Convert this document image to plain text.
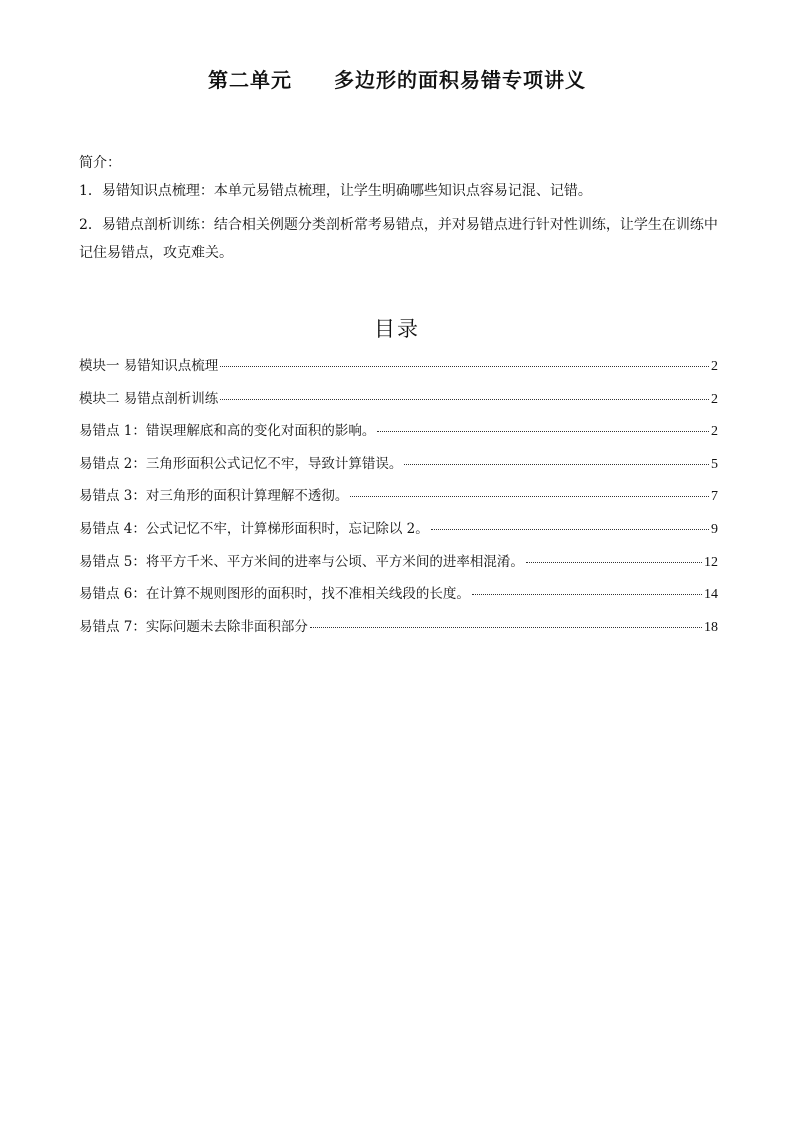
第二单元　　多边形的面积易错专项讲义
简介：
1．易错知识点梳理：本单元易错点梳理，让学生明确哪些知识点容易记混、记错。
2．易错点剖析训练：结合相关例题分类剖析常考易错点，并对易错点进行针对性训练，让学生在训练中记住易错点，攻克难关。
目录
模块一 易错知识点梳理	2
模块二 易错点剖析训练	2
易错点 1：错误理解底和高的变化对面积的影响。	2
易错点 2：三角形面积公式记忆不牢，导致计算错误。	5
易错点 3：对三角形的面积计算理解不透彻。	7
易错点 4：公式记忆不牢，计算梯形面积时，忘记除以 2。	9
易错点 5：将平方千米、平方米间的进率与公顷、平方米间的进率相混淆。	12
易错点 6：在计算不规则图形的面积时，找不准相关线段的长度。	14
易错点 7：实际问题未去除非面积部分	18
